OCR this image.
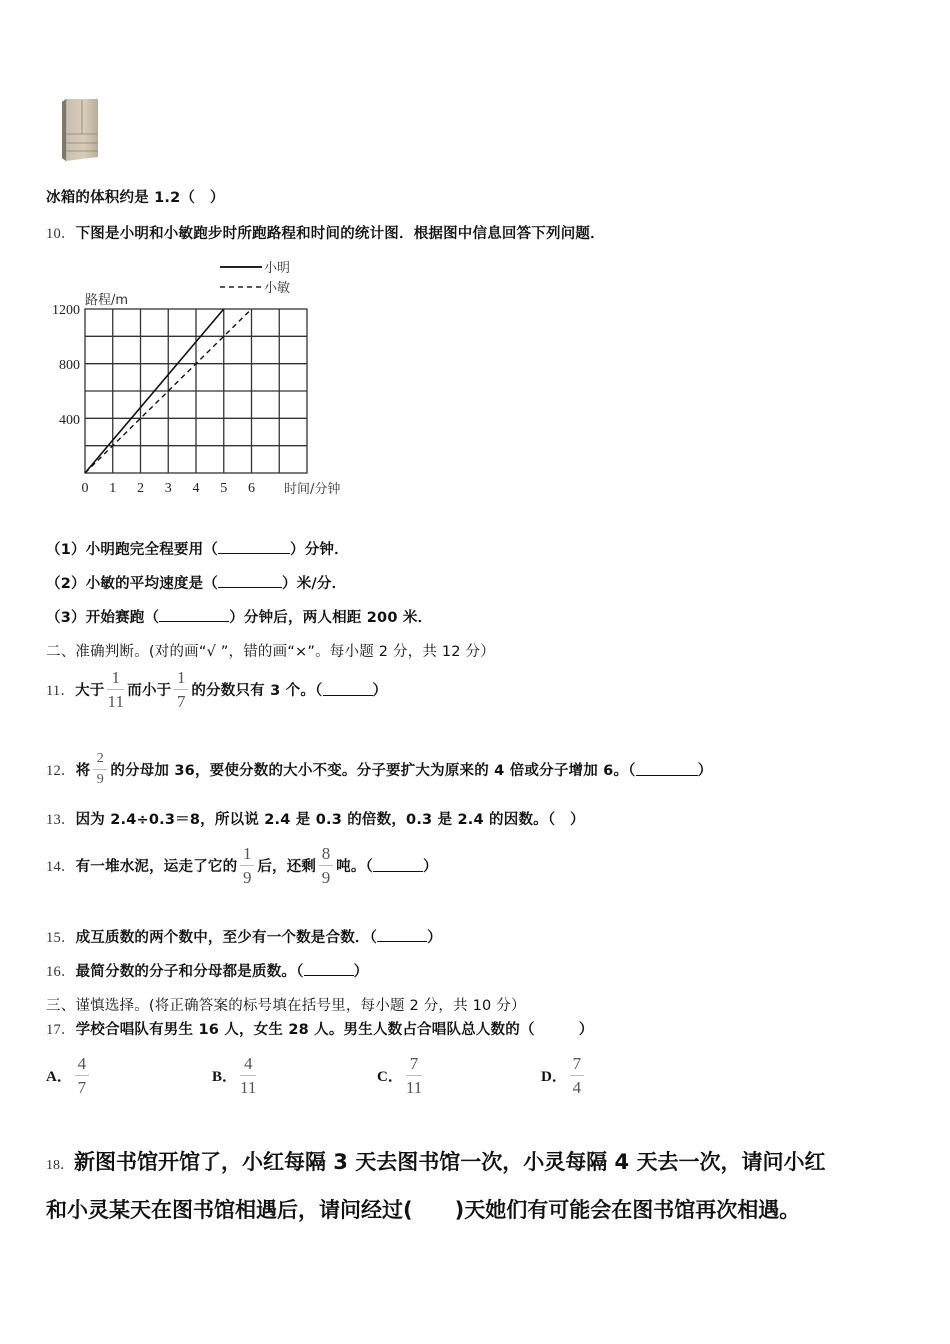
冰箱的体积约是 1.2（　）
10．下图是小明和小敏跑步时所跑路程和时间的统计图．根据图中信息回答下列问题．
小明
小敏
路程/m
1200
800
400
0 1 2 3 4 5 6 时间/分钟
（1）小明跑完全程要用（	）分钟．
（2）小敏的平均速度是（	）米/分．
（3）开始赛跑（	）分钟后，两人相距 200 米．
二、准确判断。(对的画“√ ”，错的画“×”。每小题 2 分，共 12 分）
11． 大于 $\frac{1}{11}$ 而小于 $\frac{1}{7}$ 的分数只有 3 个。（	）
12． 将 $\frac{2}{9}$ 的分母加 36，要使分数的大小不变。分子要扩大为原来的 4 倍或分子增加 6。（	）
13．因为 2.4÷0.3＝8，所以说 2.4 是 0.3 的倍数，0.3 是 2.4 的因数。（　）
14． 有一堆水泥，运走了它的 $\frac{1}{9}$ 后，还剩 $\frac{8}{9}$ 吨。（	）
15．成互质数的两个数中，至少有一个数是合数．（	）
16．最简分数的分子和分母都是质数。（	）
三、谨慎选择。(将正确答案的标号填在括号里，每小题 2 分，共 10 分）
17．学校合唱队有男生 16 人，女生 28 人。男生人数占合唱队总人数的（　　　）
A． $\frac{4}{7}$	B． $\frac{4}{11}$	C． $\frac{7}{11}$	D． $\frac{7}{4}$
18．新图书馆开馆了，小红每隔 3 天去图书馆一次，小灵每隔 4 天去一次，请问小红
和小灵某天在图书馆相遇后，请问经过(　　)天她们有可能会在图书馆再次相遇。
